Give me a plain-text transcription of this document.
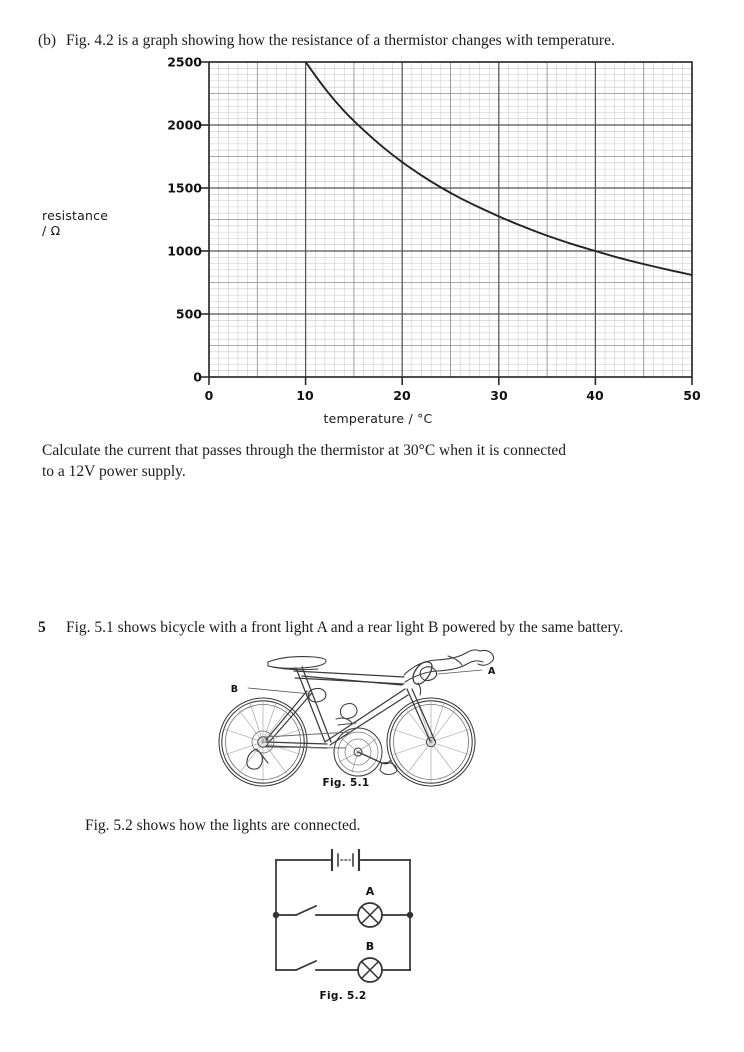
(b) Fig. 4.2 is a graph showing how the resistance of a thermistor changes with temperature.
resistance
/ Ω
temperature / °C
2500
2000
1500
1000
500
0
0	10	20	30	40	50
Calculate the current that passes through the thermistor at 30°C when it is connected
to a 12V power supply.
5	Fig. 5.1 shows bicycle with a front light A and a rear light B powered by the same battery.
B
A
Fig. 5.1
Fig. 5.2 shows how the lights are connected.
A
B
Fig. 5.2
